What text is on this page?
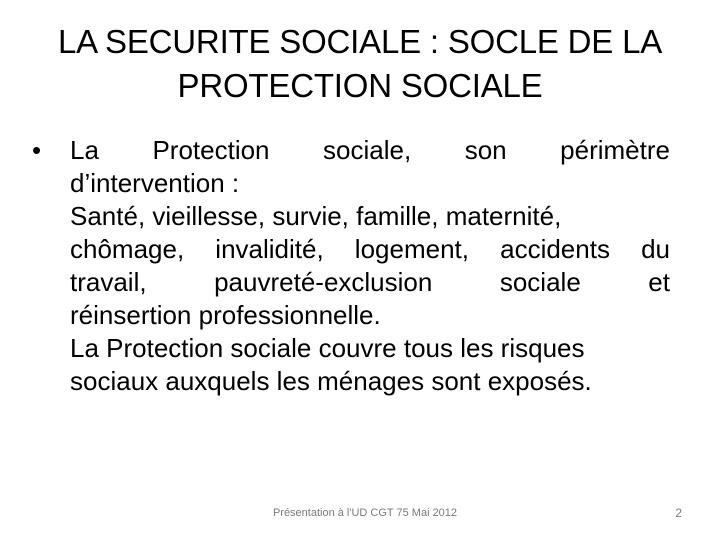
LA SECURITE SOCIALE : SOCLE DE LA
PROTECTION SOCIALE
• La Protection sociale, son périmètre
d’intervention :
Santé, vieillesse, survie, famille, maternité,
chômage, invalidité, logement, accidents du
travail, pauvreté-exclusion sociale et
réinsertion professionnelle.
La Protection sociale couvre tous les risques
sociaux auxquels les ménages sont exposés.
Présentation à l'UD CGT 75 Mai 2012	2
